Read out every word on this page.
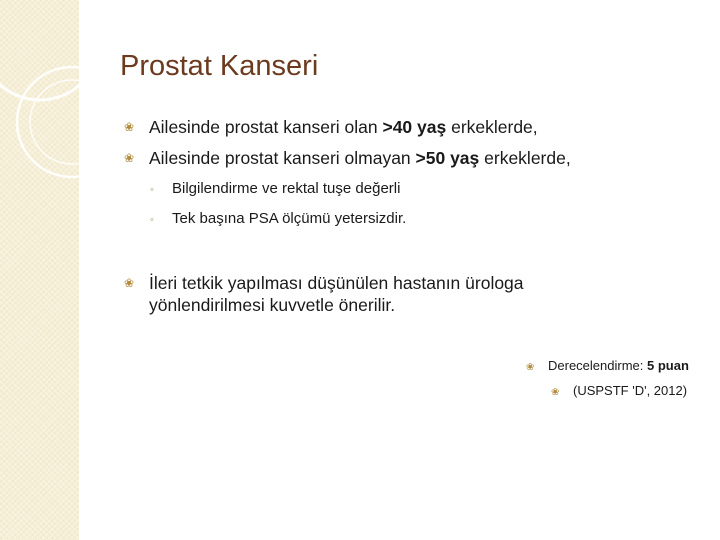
Prostat Kanseri
❀ Ailesinde prostat kanseri olan >40 yaş erkeklerde,
❀ Ailesinde prostat kanseri olmayan >50 yaş erkeklerde,
◦ Bilgilendirme ve rektal tuşe değerli
◦ Tek başına PSA ölçümü yetersizdir.
❀ İleri tetkik yapılması düşünülen hastanın ürologa
yönlendirilmesi kuvvetle önerilir.
❀ Derecelendirme: 5 puan
❀ (USPSTF 'D', 2012)
